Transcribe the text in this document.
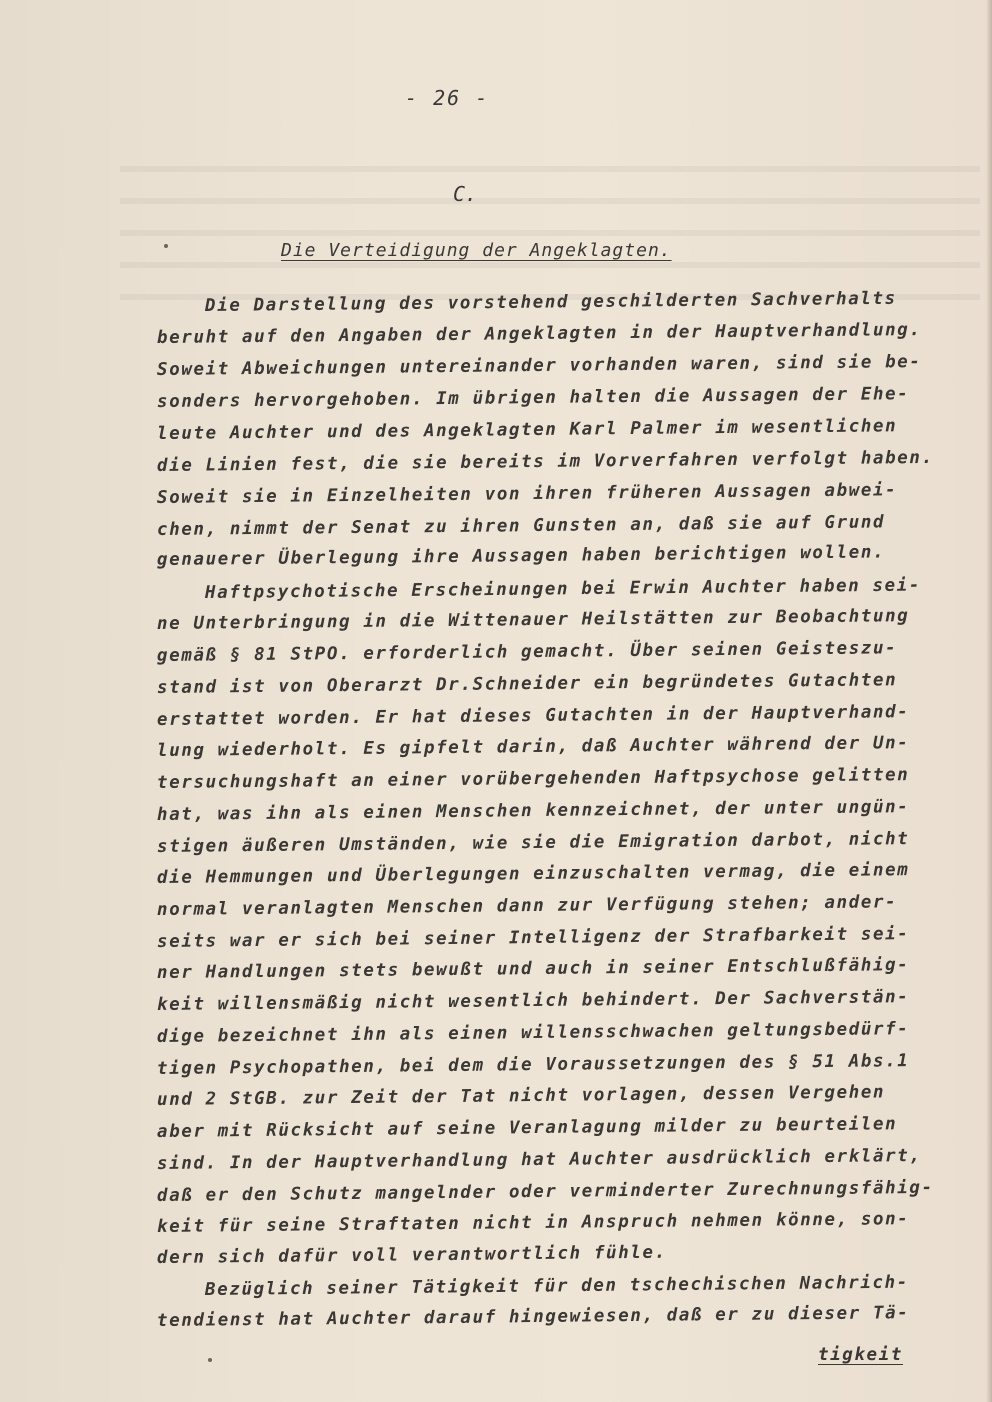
- 26 -
C.
Die Verteidigung der Angeklagten.
Die Darstellung des vorstehend geschilderten Sachverhalts
beruht auf den Angaben der Angeklagten in der Hauptverhandlung.
Soweit Abweichungen untereinander vorhanden waren, sind sie be-
sonders hervorgehoben. Im übrigen halten die Aussagen der Ehe-
leute Auchter und des Angeklagten Karl Palmer im wesentlichen
die Linien fest, die sie bereits im Vorverfahren verfolgt haben.
Soweit sie in Einzelheiten von ihren früheren Aussagen abwei-
chen, nimmt der Senat zu ihren Gunsten an, daß sie auf Grund
genauerer Überlegung ihre Aussagen haben berichtigen wollen.
Haftpsychotische Erscheinungen bei Erwin Auchter haben sei-
ne Unterbringung in die Wittenauer Heilstätten zur Beobachtung
gemäß § 81 StPO. erforderlich gemacht. Über seinen Geisteszu-
stand ist von Oberarzt Dr.Schneider ein begründetes Gutachten
erstattet worden. Er hat dieses Gutachten in der Hauptverhand-
lung wiederholt. Es gipfelt darin, daß Auchter während der Un-
tersuchungshaft an einer vorübergehenden Haftpsychose gelitten
hat, was ihn als einen Menschen kennzeichnet, der unter ungün-
stigen äußeren Umständen, wie sie die Emigration darbot, nicht
die Hemmungen und Überlegungen einzuschalten vermag, die einem
normal veranlagten Menschen dann zur Verfügung stehen; ander-
seits war er sich bei seiner Intelligenz der Strafbarkeit sei-
ner Handlungen stets bewußt und auch in seiner Entschlußfähig-
keit willensmäßig nicht wesentlich behindert. Der Sachverstän-
dige bezeichnet ihn als einen willensschwachen geltungsbedürf-
tigen Psychopathen, bei dem die Voraussetzungen des § 51 Abs.1
und 2 StGB. zur Zeit der Tat nicht vorlagen, dessen Vergehen
aber mit Rücksicht auf seine Veranlagung milder zu beurteilen
sind. In der Hauptverhandlung hat Auchter ausdrücklich erklärt,
daß er den Schutz mangelnder oder verminderter Zurechnungsfähig-
keit für seine Straftaten nicht in Anspruch nehmen könne, son-
dern sich dafür voll verantwortlich fühle.
Bezüglich seiner Tätigkeit für den tschechischen Nachrich-
tendienst hat Auchter darauf hingewiesen, daß er zu dieser Tä-
tigkeit
